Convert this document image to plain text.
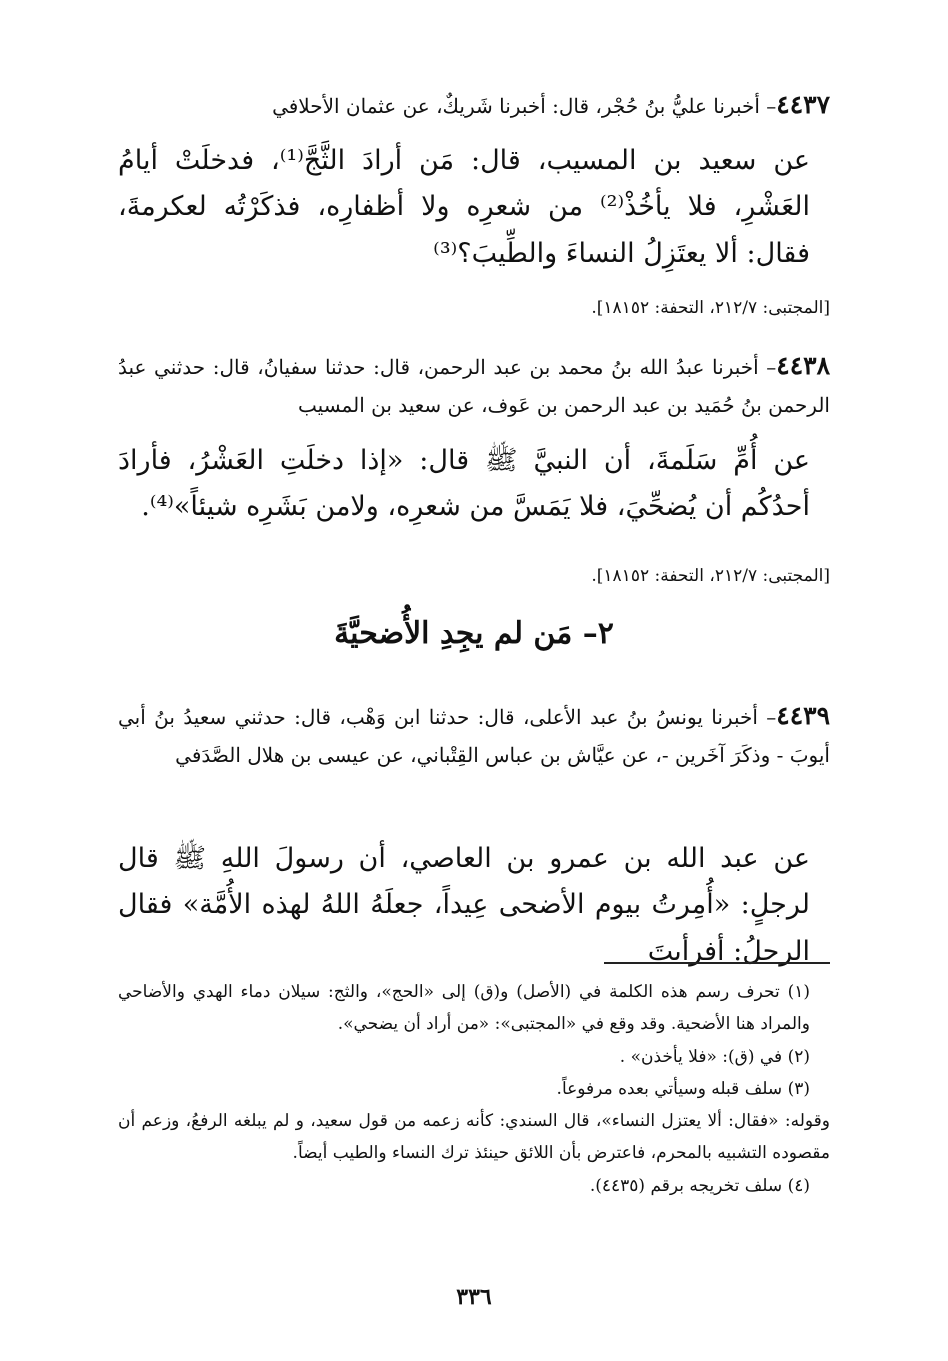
٤٤٣٧– أخبرنا عليُّ بنُ حُجْر، قال: أخبرنا شَريكٌ، عن عثمان الأحلافي
عن سعيد بن المسيب، قال: مَن أرادَ الثَّجَّ⁽¹⁾، فدخلَتْ أيامُ العَشْرِ، فلا يأخُذْ⁽²⁾ من شعرِه ولا أظفارِه، فذكَرْتُه لعكرمةَ، فقال: ألا يعتَزِلُ النساءَ والطِّيبَ؟⁽³⁾
[المجتبى: ٢١٢/٧، التحفة: ١٨١٥٢].
٤٤٣٨– أخبرنا عبدُ الله بنُ محمد بن عبد الرحمن، قال: حدثنا سفيانُ، قال: حدثني عبدُ الرحمن بنُ حُمَيد بن عبد الرحمن بن عَوف، عن سعيد بن المسيب
عن أُمِّ سَلَمةَ، أن النبيَّ ﷺ قال: «إذا دخلَتِ العَشْرُ، فأرادَ أحدُكُم أن يُضحِّيَ، فلا يَمَسَّ من شعرِه، ولامن بَشَرِه شيئاً»⁽⁴⁾.
[المجتبى: ٢١٢/٧، التحفة: ١٨١٥٢].
٢– مَن لم يجِدِ الأُضحيَّةَ
٤٤٣٩– أخبرنا يونسُ بنُ عبد الأعلى، قال: حدثنا ابن وَهْب، قال: حدثني سعيدُ بنُ أبي أيوبَ - وذكَرَ آخَرين -، عن عيَّاش بن عباس القِتْباني، عن عيسى بن هلال الصَّدَفي
عن عبد الله بن عمرو بن العاصي، أن رسولَ اللهِ ﷺ قال لرجلٍ: «أُمِرتُ بيوم الأضحى عِيداً، جعلَهُ اللهُ لهذه الأُمَّة» فقال الرجلُ: أفرأيتَ

(١) تحرف رسم هذه الكلمة في (الأصل) و(ق) إلى «الحج»، والثج: سيلان دماء الهدي والأضاحي والمراد هنا الأضحية. وقد وقع في «المجتبى»: «من أراد أن يضحي».

(٢) في (ق): «فلا يأخذن» .

(٣) سلف قبله وسيأتي بعده مرفوعاً.

وقوله: «فقال: ألا يعتزل النساء»، قال السندي: كأنه زعمه من قول سعيد، و لم يبلغه الرفعُ، وزعم أن مقصوده التشبيه بالمحرم، فاعترض بأن اللائق حينئذ ترك النساء والطيب أيضاً.

(٤) سلف تخريجه برقم (٤٤٣٥).

٣٣٦
